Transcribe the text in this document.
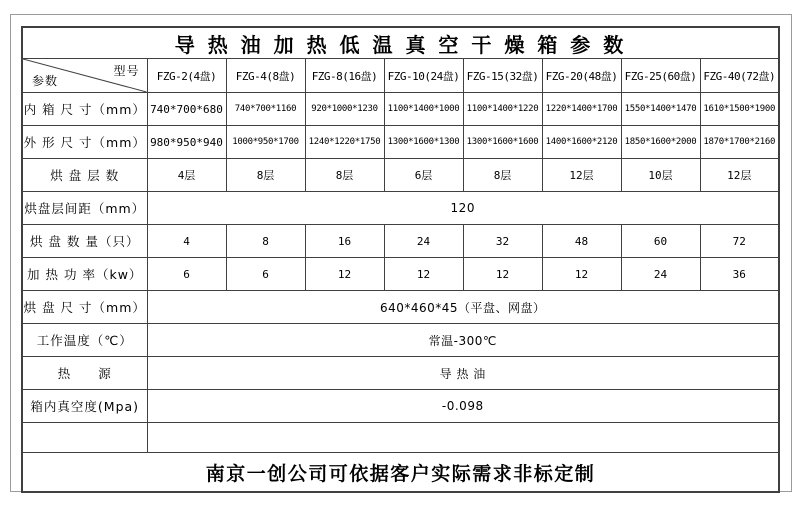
导 热 油 加 热 低 温 真 空 干 燥 箱 参 数								

型号
参数	FZG-2(4盘)	FZG-4(8盘)	FZG-8(16盘)	FZG-10(24盘)	FZG-15(32盘)	FZG-20(48盘)	FZG-25(60盘)	FZG-40(72盘)
内 箱 尺 寸（mm）	740*700*680	740*700*1160	920*1000*1230	1100*1400*1000	1100*1400*1220	1220*1400*1700	1550*1400*1470	1610*1500*1900
外 形 尺 寸（mm）	980*950*940	1000*950*1700	1240*1220*1750	1300*1600*1300	1300*1600*1600	1400*1600*2120	1850*1600*2000	1870*1700*2160
烘 盘 层 数	4层	8层	8层	6层	8层	12层	10层	12层
烘盘层间距（mm）	120							
烘 盘 数 量（只）	4	8	16	24	32	48	60	72
加 热 功 率（kw）	6	6	12	12	12	12	24	36
烘 盘 尺 寸（mm）	640*460*45（平盘、网盘）							
工作温度（℃）	常温-300℃							
热　　源	导 热 油							
箱内真空度(Mpa)	-0.098							

南京一创公司可依据客户实际需求非标定制								
